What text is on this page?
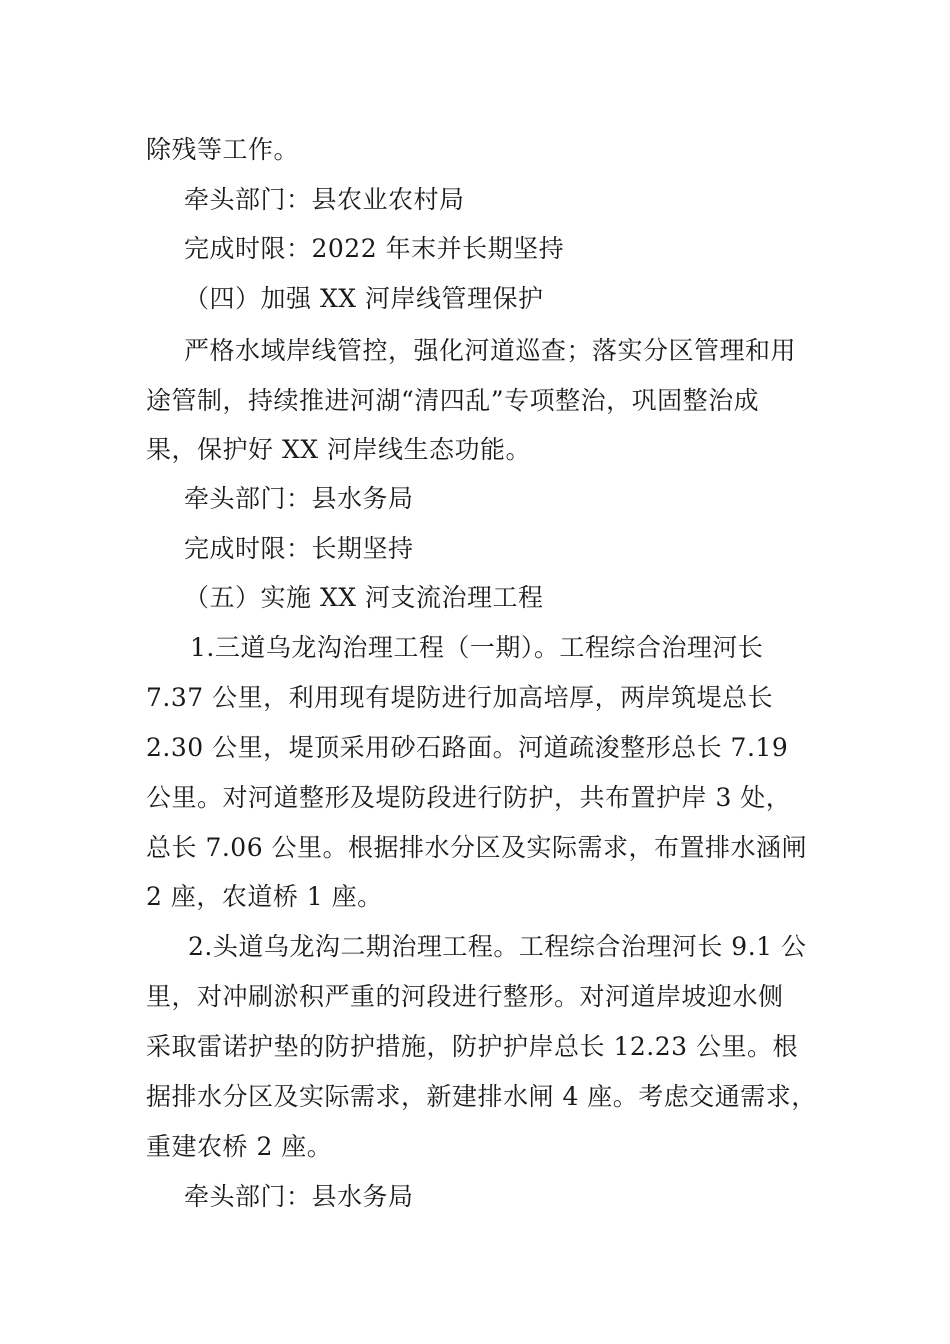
除残等工作。
牵头部门：县农业农村局
完成时限：2022 年末并长期坚持
（四）加强 XX 河岸线管理保护
严格水域岸线管控，强化河道巡查；落实分区管理和用
途管制，持续推进河湖“清四乱”专项整治，巩固整治成
果，保护好 XX 河岸线生态功能。
牵头部门：县水务局
完成时限：长期坚持
（五）实施 XX 河支流治理工程
1.三道乌龙沟治理工程（一期）。工程综合治理河长
7.37 公里，利用现有堤防进行加高培厚，两岸筑堤总长
2.30 公里，堤顶采用砂石路面。河道疏浚整形总长 7.19
公里。对河道整形及堤防段进行防护，共布置护岸 3 处，
总长 7.06 公里。根据排水分区及实际需求，布置排水涵闸
2 座，农道桥 1 座。
2.头道乌龙沟二期治理工程。工程综合治理河长 9.1 公
里，对冲刷淤积严重的河段进行整形。对河道岸坡迎水侧
采取雷诺护垫的防护措施，防护护岸总长 12.23 公里。根
据排水分区及实际需求，新建排水闸 4 座。考虑交通需求，
重建农桥 2 座。
牵头部门：县水务局
